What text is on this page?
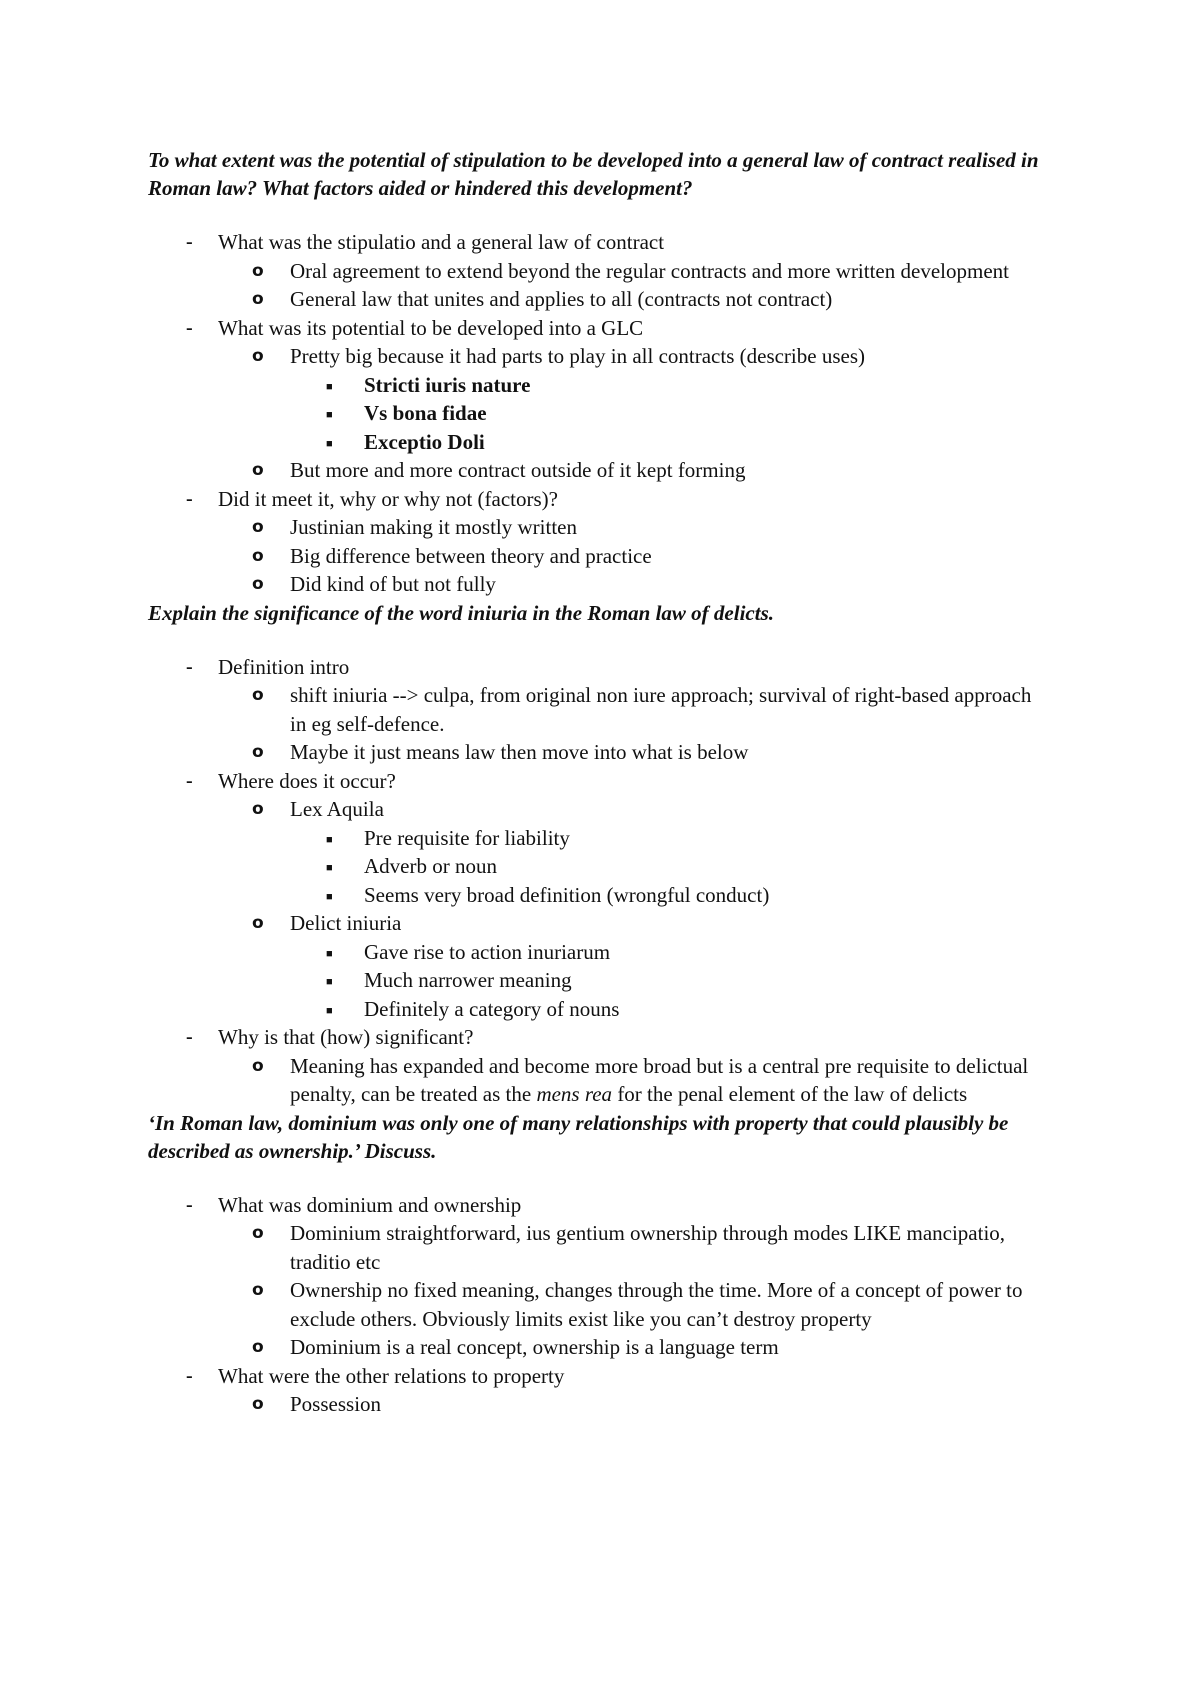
To what extent was the potential of stipulation to be developed into a general law of contract realised in Roman law? What factors aided or hindered this development?

- What was the stipulatio and a general law of contract
o Oral agreement to extend beyond the regular contracts and more written development
o General law that unites and applies to all (contracts not contract)
- What was its potential to be developed into a GLC
o Pretty big because it had parts to play in all contracts (describe uses)
■ Stricti iuris nature
■ Vs bona fidae
■ Exceptio Doli
o But more and more contract outside of it kept forming
- Did it meet it, why or why not (factors)?
o Justinian making it mostly written
o Big difference between theory and practice
o Did kind of but not fully

Explain the significance of the word iniuria in the Roman law of delicts.

- Definition intro
o shift iniuria --> culpa, from original non iure approach; survival of right-based approach in eg self-defence.
o Maybe it just means law then move into what is below
- Where does it occur?
o Lex Aquila
■ Pre requisite for liability
■ Adverb or noun
■ Seems very broad definition (wrongful conduct)
o Delict iniuria
■ Gave rise to action inuriarum
■ Much narrower meaning
■ Definitely a category of nouns
- Why is that (how) significant?
o Meaning has expanded and become more broad but is a central pre requisite to delictual penalty, can be treated as the mens rea for the penal element of the law of delicts

‘In Roman law, dominium was only one of many relationships with property that could plausibly be described as ownership.’ Discuss.

- What was dominium and ownership
o Dominium straightforward, ius gentium ownership through modes LIKE mancipatio, traditio etc
o Ownership no fixed meaning, changes through the time. More of a concept of power to exclude others. Obviously limits exist like you can’t destroy property
o Dominium is a real concept, ownership is a language term
- What were the other relations to property
o Possession
